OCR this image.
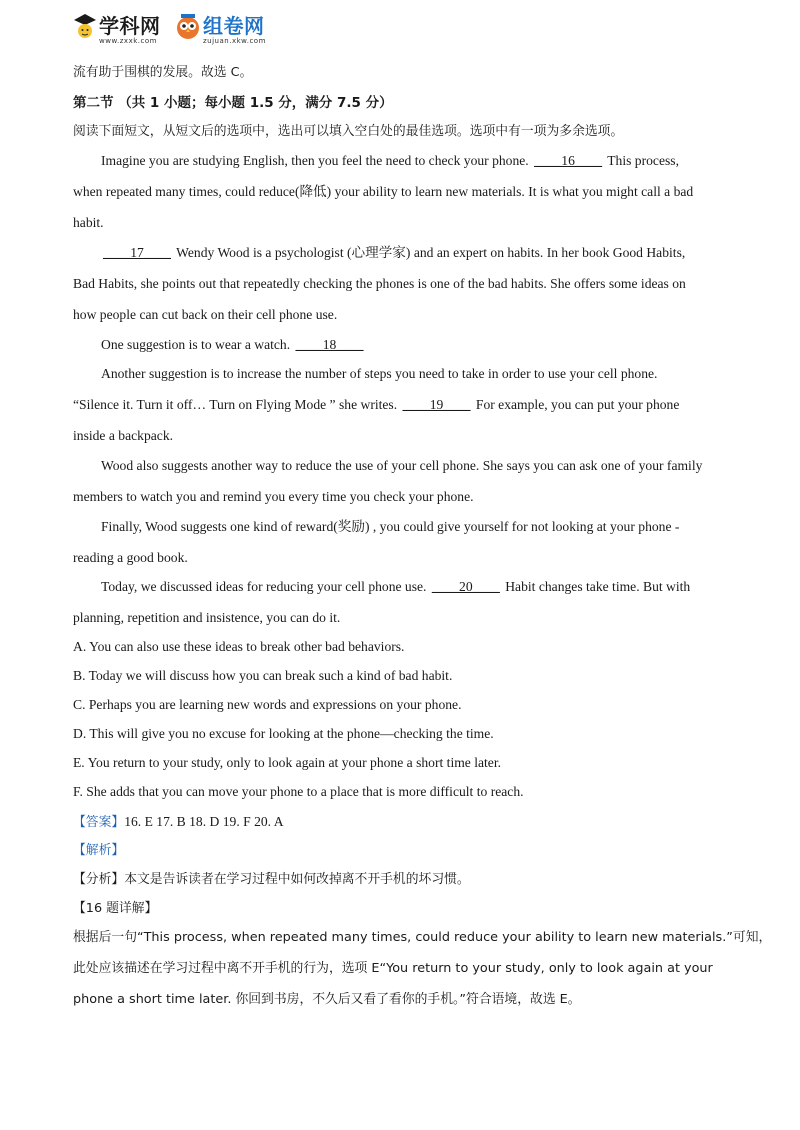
学科网
www.zxxk.com
组卷网
zujuan.xkw.com
流有助于围棋的发展。故选 C。
第二节 （共 1 小题；每小题 1.5 分，满分 7.5 分）
阅读下面短文，从短文后的选项中，选出可以填入空白处的最佳选项。选项中有一项为多余选项。
Imagine you are studying English, then you feel the need to check your phone. ____16____ This process,
when repeated many times, could reduce(降低) your ability to learn new materials. It is what you might call a bad
habit.
____17____ Wendy Wood is a psychologist (心理学家) and an expert on habits. In her book Good Habits,
Bad Habits, she points out that repeatedly checking the phones is one of the bad habits. She offers some ideas on
how people can cut back on their cell phone use.
One suggestion is to wear a watch. ____18____
Another suggestion is to increase the number of steps you need to take in order to use your cell phone.
“Silence it. Turn it off… Turn on Flying Mode ” she writes. ____19____ For example, you can put your phone
inside a backpack.
Wood also suggests another way to reduce the use of your cell phone. She says you can ask one of your family
members to watch you and remind you every time you check your phone.
Finally, Wood suggests one kind of reward(奖励) , you could give yourself for not looking at your phone -
reading a good book.
Today, we discussed ideas for reducing your cell phone use. ____20____ Habit changes take time. But with
planning, repetition and insistence, you can do it.
A. You can also use these ideas to break other bad behaviors.
B. Today we will discuss how you can break such a kind of bad habit.
C. Perhaps you are learning new words and expressions on your phone.
D. This will give you no excuse for looking at the phone—checking the time.
E. You return to your study, only to look again at your phone a short time later.
F. She adds that you can move your phone to a place that is more difficult to reach.
【答案】16. E 17. B 18. D 19. F 20. A
【解析】
【分析】本文是告诉读者在学习过程中如何改掉离不开手机的坏习惯。
【16 题详解】
根据后一句“This process, when repeated many times, could reduce your ability to learn new materials.”可知，
此处应该描述在学习过程中离不开手机的行为，选项 E“You return to your study, only to look again at your
phone a short time later. 你回到书房，不久后又看了看你的手机。”符合语境，故选 E。
